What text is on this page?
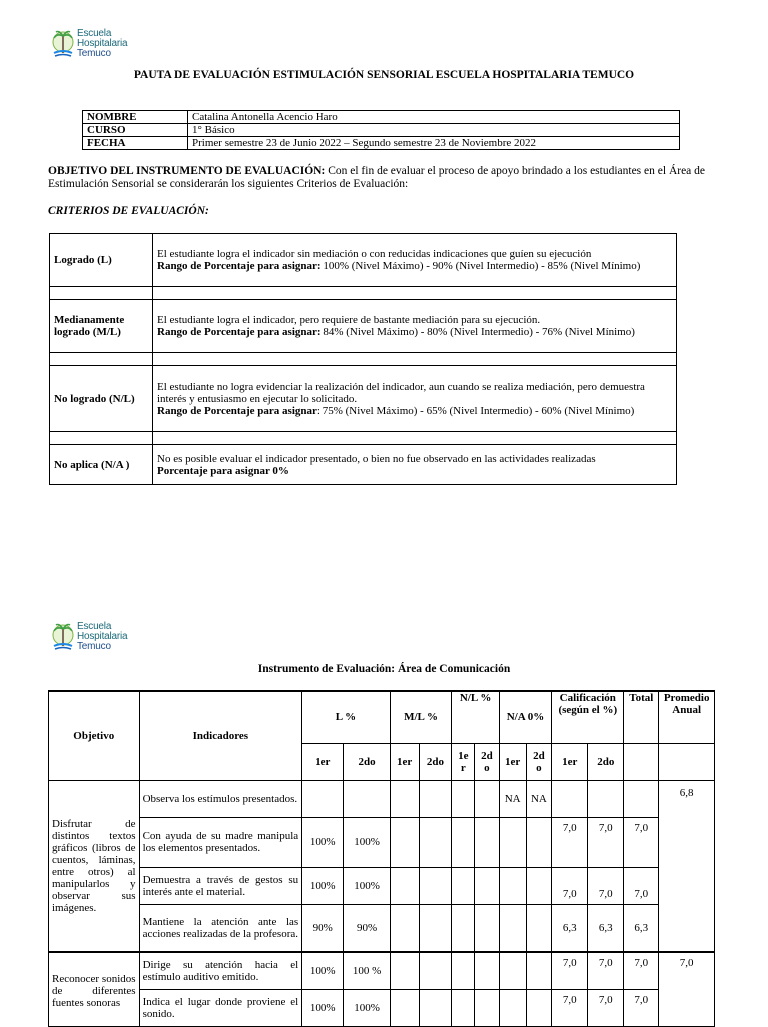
Escuela
Hospitalaria
Temuco
PAUTA DE EVALUACIÓN ESTIMULACIÓN SENSORIAL ESCUELA HOSPITALARIA TEMUCO
NOMBRE	Catalina Antonella Acencio Haro
CURSO	1° Básico
FECHA	Primer semestre 23 de Junio 2022 – Segundo semestre 23 de Noviembre 2022
OBJETIVO DEL INSTRUMENTO DE EVALUACIÓN: Con el fin de evaluar el proceso de apoyo brindado a los estudiantes en el Área de Estimulación Sensorial se considerarán los siguientes Criterios de Evaluación:
CRITERIOS DE EVALUACIÓN:
Logrado (L)	El estudiante logra el indicador sin mediación o con reducidas indicaciones que guíen su ejecución
Rango de Porcentaje para asignar: 100% (Nivel Máximo) - 90% (Nivel Intermedio) - 85% (Nivel Mínimo)

Medianamente logrado (M/L)	El estudiante logra el indicador, pero requiere de bastante mediación para su ejecución.
Rango de Porcentaje para asignar: 84% (Nivel Máximo) - 80% (Nivel Intermedio) - 76% (Nivel Mínimo)

No logrado (N/L)	El estudiante no logra evidenciar la realización del indicador, aun cuando se realiza mediación, pero demuestra interés y entusiasmo en ejecutar lo solicitado.
Rango de Porcentaje para asignar: 75% (Nivel Máximo) - 65% (Nivel Intermedio) - 60% (Nivel Mínimo)

No aplica (N/A )	No es posible evaluar el indicador presentado, o bien no fue observado en las actividades realizadas
Porcentaje para asignar 0%
Escuela
Hospitalaria
Temuco
Instrumento de Evaluación: Área de Comunicación
Objetivo	Indicadores	L %		M/L %		N/L %		N/A 0%		Calificación (según el %)		Total	Promedio Anual
		1er	2do	1er	2do	1e r	2d o	1er	2d o	1er	2do		
Disfrutar de distintos textos gráficos (libros de cuentos, láminas, entre otros) al manipularlos y observar sus imágenes.	Observa los estímulos presentados.							NA	NA				6,8
	Con ayuda de su madre manipula los elementos presentados.	100%	100%							7,0	7,0	7,0	
	Demuestra a través de gestos su interés ante el material.	100%	100%							7,0	7,0	7,0	
	Mantiene la atención ante las acciones realizadas de la profesora.	90%	90%							6,3	6,3	6,3	
Reconocer sonidos de diferentes fuentes sonoras	Dirige su atención hacia el estímulo auditivo emitido.	100%	100 %							7,0	7,0	7,0	7,0
	Indica el lugar donde proviene el sonido.	100%	100%							7,0	7,0	7,0	
